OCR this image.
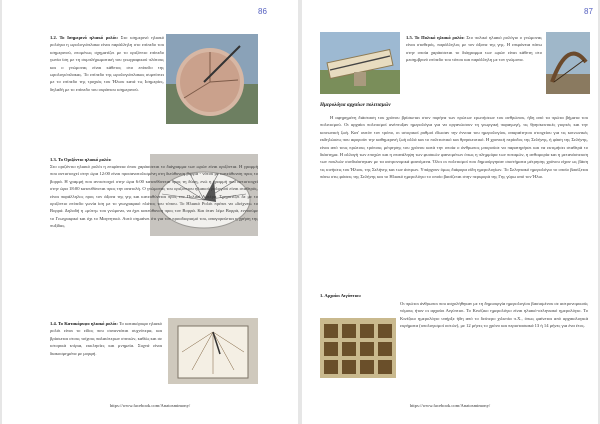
86
1.2. Το Ισημερινό ηλιακό ρολόι: Στο ισημερινό ηλιακό ρολόγια η ωρολογιόπλακα είναι παράλληλη στο επίπεδο του ισημερινού, επομένως σχηματίζει με το οριζόντιο επίπεδο γωνία ίση με τη συμπλήρωματική του γεωγραφικού πλάτους και ο γνώμονας είναι κάθετος στο επίπεδο της ωρολογιόπλακας. Το επίπεδο της ωρολογιόπλακας συμπίπτει με το επίπεδο της τροχιάς του Ήλιου κατά τις Ισημερίες, δηλαδή με το επίπεδο του ουράνιου ισημερινού.
1.3. Το Οριζόντιο ηλιακό ρολόι:
Στο οριζόντιο ηλιακό ρολόι η επιφάνεια όπου χαράσσεται το διάγραμμα των ωρών είναι οριζόντια. Η γραμμή που αντιστοιχεί στην ώρα 12:00 είναι προσανατολισμένη στη διεύθυνση βορρά - νότου με κατεύθυνση προς το βορρά. Η γραμμή που αντιστοιχεί στην ώρα 6:00 κατευθύνεται προς τη δύση, ενώ η γραμμή που αντιστοιχεί στην ώρα 18:00 κατευθύνεται προς την ανατολή. Ο γνώμονας του οριζόντιου ηλιακού ρολογιού είναι σταθερός, είναι παράλληλος προς τον άξονα της γης και κατευθύνεται προς τον Πολικό Αστέρα. Σχηματίζει δε με το οριζόντιο επίπεδο γωνία ίση με το γεωγραφικό πλάτος του τόπου. Το Ηλιακό Ρολόι πρέπει να «δείχνει» το Βορρά. Δηλαδή η «μύτη» του γνώμονα, να έχει κατεύθυνση προς τον Βορρά. Και όταν λέμε Βορρά, εννοούμε το Γεωγραφικό και όχι το Μαγνητικό. Αυτό σημαίνει ότι για τον προσδιορισμό του, απαγορεύεται η χρήση της πυξίδας.
1.4. Το Κατακόρυφο ηλιακό ρολόι: Το κατακόρυφο ηλιακό ρολόι είναι το είδος που συναντάται συχνότερα, και βρίσκεται στους τοίχους παλαιότερων σπιτιών, καθώς και σε ιστορικά κτίρια, εκκλησίες και μνημεία. Συχνά είναι διακοσμημένα με μορφή.
https://www.facebook.com/Anatosmimony/
87
1.5. Το Πολικό ηλιακό ρολόι: Στο πολικό ηλιακό ρολόγιο ο γνώμονας είναι σταθερός, παράλληλος με τον άξονα της γης. Η επιφάνεια πάνω στην οποία χαράσσεται το διάγραμμα των ωρών είναι κάθετη στο μεσημβρινό επίπεδο του τόπου και παράλληλη με τον γνώμονα.
Ημερολόγια αρχαίων πολιτισμών
Η αφηρημένη διάσταση του χρόνου βρίσκεται στον πυρήνα των πρώτων ερωτήσεων του ανθρώπου, ήδη από τα πρώτα βήματα του πολιτισμού. Οι αρχαίοι πολιτισμοί ανέπτυξαν ημερολόγια για να οργανώσουν τη γεωργική παραγωγή, τις θρησκευτικές γιορτές και την κοινωνική ζωή. Κατ' αυτόν τον τρόπο, οι ιστορικοί ρυθμοί έδωσαν την έννοια του ημερολογίου, απαραίτητου στοιχείου για τις κοινωνικές εκδηλώσεις που αφορούν την καθημερινή ζωή αλλά και το πολιτιστικό και θρησκευτικό. Η χρονική περίοδος της Σελήνης, ή φάση της Σελήνης, είναι από τους πρώτους τρόπους μέτρησης του χρόνου κατά την οποία ο άνθρωπος μπορούσε να παρατηρήσει και να εκτιμήσει σταθερά το διάστημα. Η αλλαγή των εποχών και η επανάληψη των φυσικών φαινομένων όπως η πλημμύρα των ποταμών, η ανθοφορία και η μετανάστευση των πουλιών συνδυάστηκαν με τα αστρονομικά φαινόμενα. Όλοι οι πολιτισμοί που δημιούργησαν συστήματα μέτρησης χρόνου είχαν ως βάση τις κινήσεις του Ήλιου, της Σελήνης και των άστρων. Υπάρχουν όμως διάφορα είδη ημερολογίων. Το Σεληνιακό ημερολόγιο το οποίο βασίζεται πάνω στις φάσεις της Σελήνης και το Ηλιακό ημερολόγιο το οποίο βασίζεται στην περιφορά της Γης γύρω από τον Ήλιο.
1. Αρχαίοι Αιγύπτιοι:
Οι πρώτοι άνθρωποι που ασχολήθηκαν με τη δημιουργία ημερολογίου βασισμένου σε αστρονομικούς νόμους ήταν οι αρχαίοι Αιγύπτιοι. Το Κινέζικο ημερολόγιο είναι ηλιακό-σεληνιακό ημερολόγιο. Το Κινέζικο ημερολόγιο υπήρξε ήδη από το δεύτερο χιλιετία π.Χ., όπως φαίνεται από αρχαιολογικά ευρήματα (υπολογισμοί οστών), με 12 μήνες το χρόνο και περιστασιακά 13 ή 14 μήνες για ένα έτος.
https://www.facebook.com/Anatosmimony/
